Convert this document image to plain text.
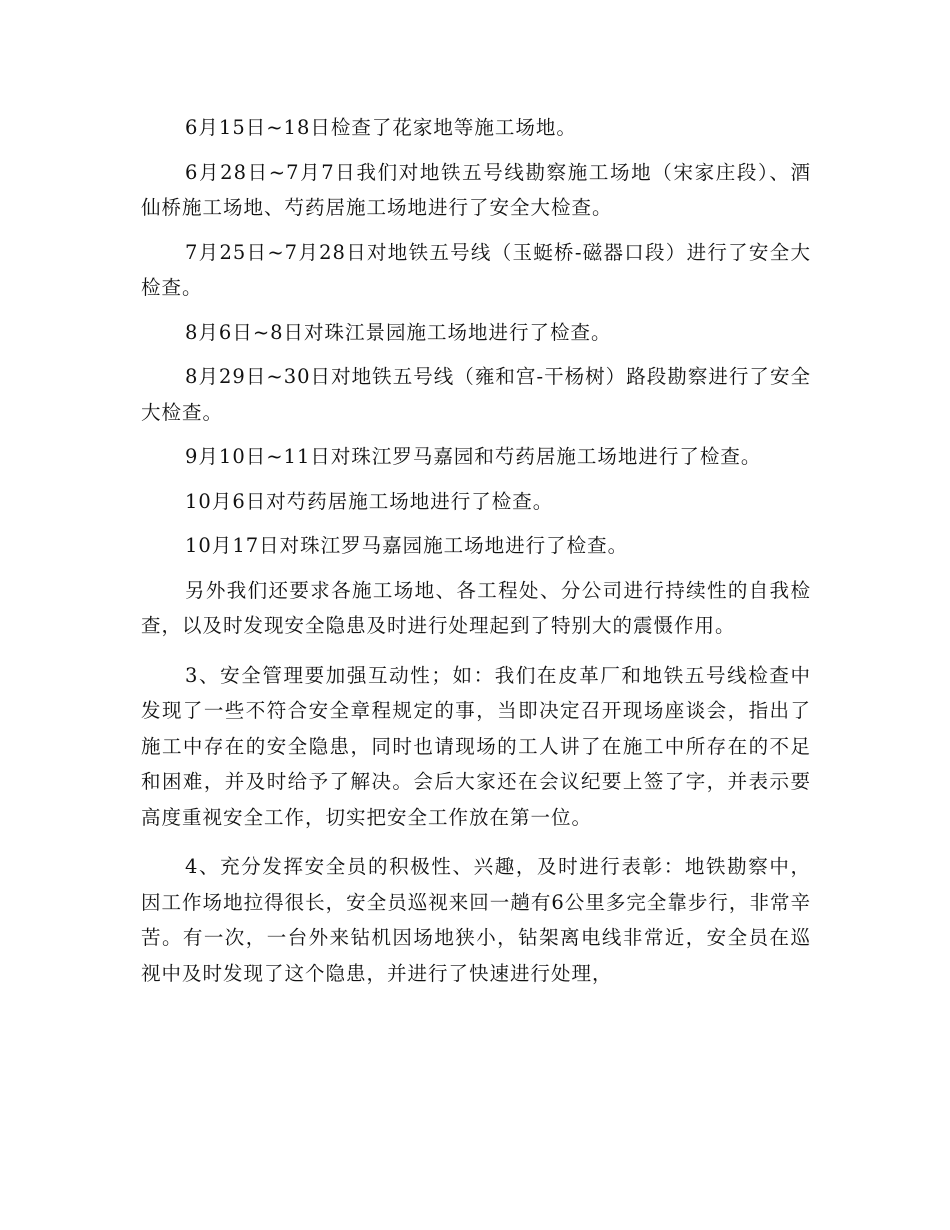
6月15日~18日检查了花家地等施工场地。

6月28日~7月7日我们对地铁五号线勘察施工场地（宋家庄段）、酒仙桥施工场地、芍药居施工场地进行了安全大检查。

7月25日~7月28日对地铁五号线（玉蜓桥-磁器口段）进行了安全大检查。

8月6日~8日对珠江景园施工场地进行了检查。

8月29日~30日对地铁五号线（雍和宫-干杨树）路段勘察进行了安全大检查。

9月10日~11日对珠江罗马嘉园和芍药居施工场地进行了检查。

10月6日对芍药居施工场地进行了检查。

10月17日对珠江罗马嘉园施工场地进行了检查。

另外我们还要求各施工场地、各工程处、分公司进行持续性的自我检查，以及时发现安全隐患及时进行处理起到了特别大的震慑作用。

3、安全管理要加强互动性；如：我们在皮革厂和地铁五号线检查中发现了一些不符合安全章程规定的事，当即决定召开现场座谈会，指出了施工中存在的安全隐患，同时也请现场的工人讲了在施工中所存在的不足和困难，并及时给予了解决。会后大家还在会议纪要上签了字，并表示要高度重视安全工作，切实把安全工作放在第一位。

4、充分发挥安全员的积极性、兴趣，及时进行表彰：地铁勘察中，因工作场地拉得很长，安全员巡视来回一趟有6公里多完全靠步行，非常辛苦。有一次，一台外来钻机因场地狭小，钻架离电线非常近，安全员在巡视中及时发现了这个隐患，并进行了快速进行处理，
